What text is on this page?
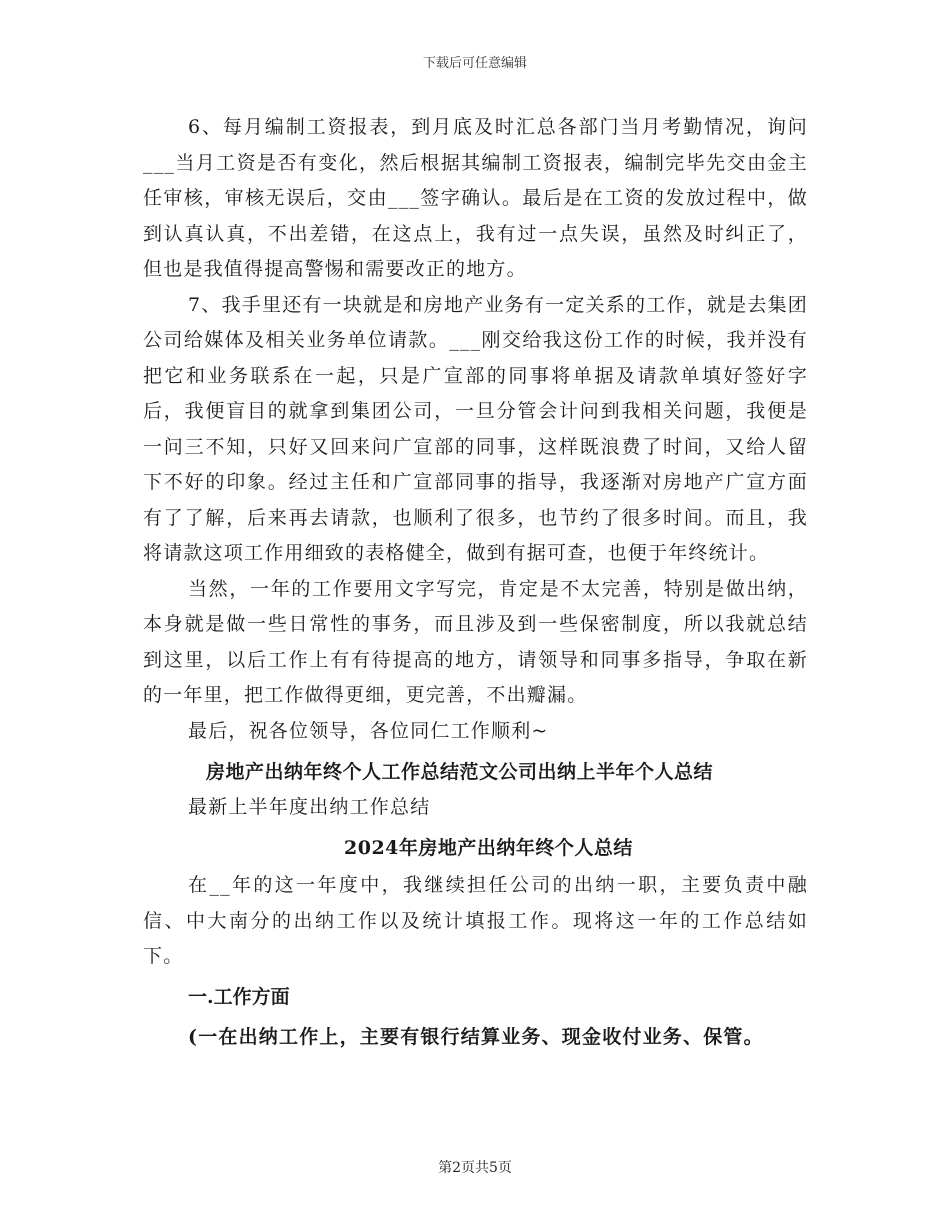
下载后可任意编辑

6、每月编制工资报表，到月底及时汇总各部门当月考勤情况，询问___当月工资是否有变化，然后根据其编制工资报表，编制完毕先交由金主任审核，审核无误后，交由___签字确认。最后是在工资的发放过程中，做到认真认真，不出差错，在这点上，我有过一点失误，虽然及时纠正了，但也是我值得提高警惕和需要改正的地方。

7、我手里还有一块就是和房地产业务有一定关系的工作，就是去集团公司给媒体及相关业务单位请款。___刚交给我这份工作的时候，我并没有把它和业务联系在一起，只是广宣部的同事将单据及请款单填好签好字后，我便盲目的就拿到集团公司，一旦分管会计问到我相关问题，我便是一问三不知，只好又回来问广宣部的同事，这样既浪费了时间，又给人留下不好的印象。经过主任和广宣部同事的指导，我逐渐对房地产广宣方面有了了解，后来再去请款，也顺利了很多，也节约了很多时间。而且，我将请款这项工作用细致的表格健全，做到有据可查，也便于年终统计。

当然，一年的工作要用文字写完，肯定是不太完善，特别是做出纳，本身就是做一些日常性的事务，而且涉及到一些保密制度，所以我就总结到这里，以后工作上有有待提高的地方，请领导和同事多指导，争取在新的一年里，把工作做得更细，更完善，不出瓣漏。

最后，祝各位领导，各位同仁工作顺利~

房地产出纳年终个人工作总结范文公司出纳上半年个人总结

最新上半年度出纳工作总结

2024年房地产出纳年终个人总结

在__年的这一年度中，我继续担任公司的出纳一职，主要负责中融信、中大南分的出纳工作以及统计填报工作。现将这一年的工作总结如下。

一.工作方面

(一在出纳工作上，主要有银行结算业务、现金收付业务、保管。

第2页共5页
